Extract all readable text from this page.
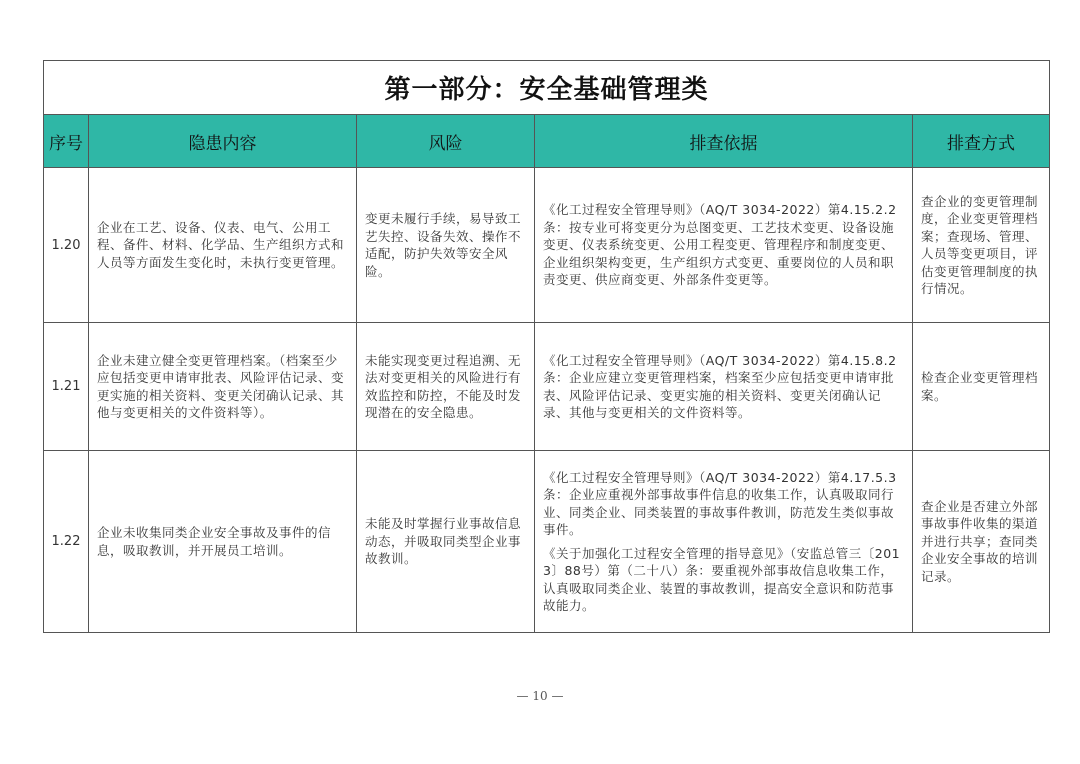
第一部分：安全基础管理类				
序号	隐患内容	风险	排查依据	排查方式
1.20	企业在工艺、设备、仪表、电气、公用工程、备件、材料、化学品、生产组织方式和人员等方面发生变化时，未执行变更管理。	变更未履行手续，易导致工艺失控、设备失效、操作不适配，防护失效等安全风险。	《化工过程安全管理导则》（AQ/T 3034-2022）第4.15.2.2条：按专业可将变更分为总图变更、工艺技术变更、设备设施变更、仪表系统变更、公用工程变更、管理程序和制度变更、企业组织架构变更，生产组织方式变更、重要岗位的人员和职责变更、供应商变更、外部条件变更等。	查企业的变更管理制度，企业变更管理档案；查现场、管理、人员等变更项目，评估变更管理制度的执行情况。
1.21	企业未建立健全变更管理档案。（档案至少应包括变更申请审批表、风险评估记录、变更实施的相关资料、变更关闭确认记录、其他与变更相关的文件资料等）。	未能实现变更过程追溯、无法对变更相关的风险进行有效监控和防控，不能及时发现潜在的安全隐患。	《化工过程安全管理导则》（AQ/T 3034-2022）第4.15.8.2条：企业应建立变更管理档案，档案至少应包括变更申请审批表、风险评估记录、变更实施的相关资料、变更关闭确认记录、其他与变更相关的文件资料等。	检查企业变更管理档案。
1.22	企业未收集同类企业安全事故及事件的信息，吸取教训，并开展员工培训。	未能及时掌握行业事故信息动态，并吸取同类型企业事故教训。	《化工过程安全管理导则》（AQ/T 3034-2022）第4.17.5.3条：企业应重视外部事故事件信息的收集工作，认真吸取同行业、同类企业、同类装置的事故事件教训，防范发生类似事故事件。

《关于加强化工过程安全管理的指导意见》（安监总管三〔2013〕88号）第（二十八）条：要重视外部事故信息收集工作，认真吸取同类企业、装置的事故教训，提高安全意识和防范事故能力。	查企业是否建立外部事故事件收集的渠道并进行共享；查同类企业安全事故的培训记录。
— 10 —
